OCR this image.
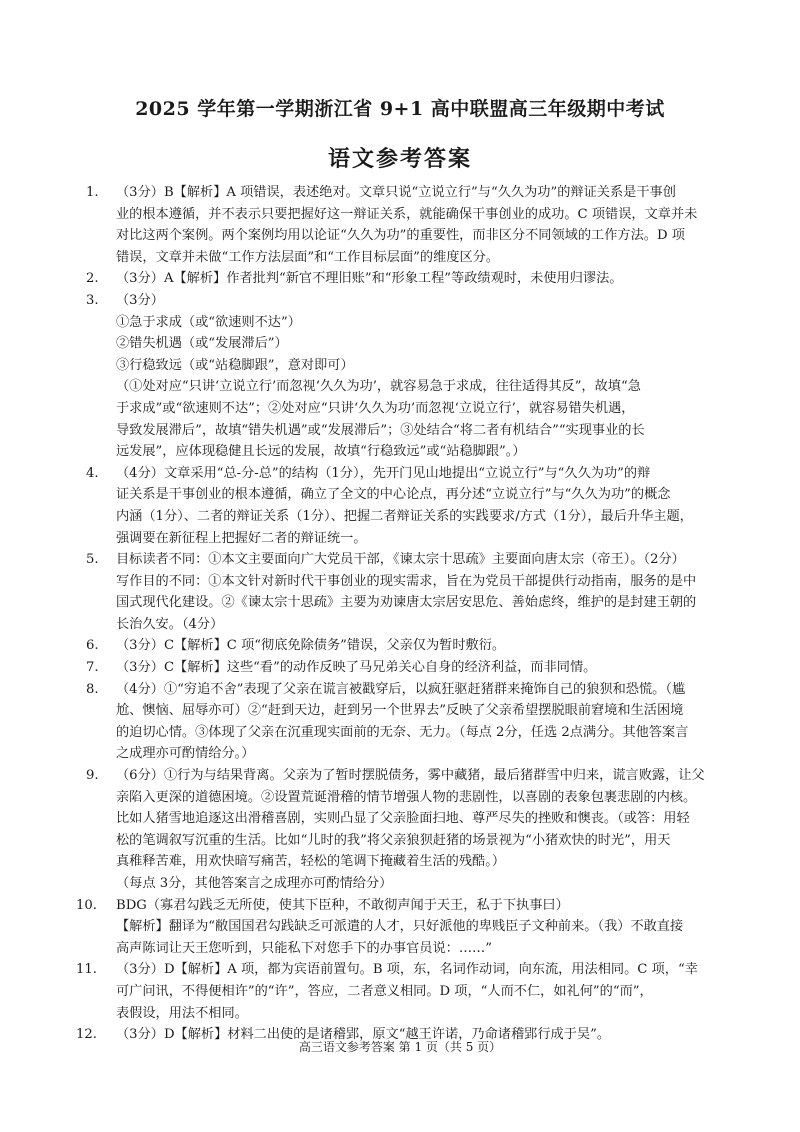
2025 学年第一学期浙江省 9+1 高中联盟高三年级期中考试
语文参考答案
1.	（3分）B【解析】A 项错误，表述绝对。文章只说“立说立行”与“久久为功”的辩证关系是干事创
业的根本遵循，并不表示只要把握好这一辩证关系，就能确保干事创业的成功。C 项错误，文章并未
对比这两个案例。两个案例均用以论证“久久为功”的重要性，而非区分不同领域的工作方法。D 项
错误，文章并未做“工作方法层面”和“工作目标层面”的维度区分。
2.	（3分）A【解析】作者批判“新官不理旧账”和“形象工程”等政绩观时，未使用归谬法。
3.	（3分）
①急于求成（或“欲速则不达”）
②错失机遇（或“发展滞后”）
③行稳致远（或“站稳脚跟”，意对即可）
（①处对应“只讲‘立说立行’而忽视‘久久为功’，就容易急于求成，往往适得其反”，故填“急
于求成”或“欲速则不达”；②处对应“只讲‘久久为功’而忽视‘立说立行’，就容易错失机遇，
导致发展滞后”，故填“错失机遇”或“发展滞后”；③处结合“将二者有机结合”“实现事业的长
远发展”，应体现稳健且长远的发展，故填“行稳致远”或“站稳脚跟”。）
4.	（4分）文章采用“总-分-总”的结构（1分），先开门见山地提出“立说立行”与“久久为功”的辩
证关系是干事创业的根本遵循，确立了全文的中心论点，再分述“立说立行”与“久久为功”的概念
内涵（1分）、二者的辩证关系（1分）、把握二者辩证关系的实践要求/方式（1分），最后升华主题，
强调要在新征程上把握好二者的辩证统一。
5.	目标读者不同：①本文主要面向广大党员干部，《谏太宗十思疏》主要面向唐太宗（帝王）。（2分）
写作目的不同：①本文针对新时代干事创业的现实需求，旨在为党员干部提供行动指南，服务的是中
国式现代化建设。②《谏太宗十思疏》主要为劝谏唐太宗居安思危、善始虑终，维护的是封建王朝的
长治久安。（4分）
6.	（3分）C【解析】C 项“彻底免除债务”错误，父亲仅为暂时敷衍。
7.	（3分）C【解析】这些“看”的动作反映了马兄弟关心自身的经济利益，而非同情。
8.	（4分）①“穷追不舍”表现了父亲在谎言被戳穿后，以疯狂驱赶猪群来掩饰自己的狼狈和恐慌。（尴
尬、懊恼、屈辱亦可）②“赶到天边，赶到另一个世界去”反映了父亲希望摆脱眼前窘境和生活困境
的迫切心情。③体现了父亲在沉重现实面前的无奈、无力。（每点 2分，任选 2点满分。其他答案言
之成理亦可酌情给分。）
9.	（6分）①行为与结果背离。父亲为了暂时摆脱债务，雾中藏猪，最后猪群雪中归来，谎言败露，让父
亲陷入更深的道德困境。②设置荒诞滑稽的情节增强人物的悲剧性，以喜剧的表象包裹悲剧的内核。
比如人猪雪地追逐这出滑稽喜剧，实则凸显了父亲脸面扫地、尊严尽失的挫败和懊丧。（或答：用轻
松的笔调叙写沉重的生活。比如“儿时的我”将父亲狼狈赶猪的场景视为“小猪欢快的时光”，用天
真稚释苦难，用欢快暗写痛苦，轻松的笔调下掩藏着生活的残酷。）
（每点 3分，其他答案言之成理亦可酌情给分）
10.	BDG（寡君勾践乏无所使，使其下臣种，不敢彻声闻于天王，私于下执事曰）
【解析】翻译为“敝国国君勾践缺乏可派遣的人才，只好派他的卑贱臣子文种前来。（我）不敢直接
高声陈词让天王您听到，只能私下对您手下的办事官员说：……”
11.	（3分）D【解析】A 项，都为宾语前置句。B 项，东，名词作动词，向东流，用法相同。C 项，“幸
可广问讯，不得便相许”的“许”，答应，二者意义相同。D 项，“人而不仁，如礼何”的“而”，
表假设，用法不相同。
12.	（3分）D【解析】材料二出使的是诸稽郢，原文“越王许诺，乃命诸稽郢行成于吴”。
高三语文参考答案 第 1 页（共 5 页）
